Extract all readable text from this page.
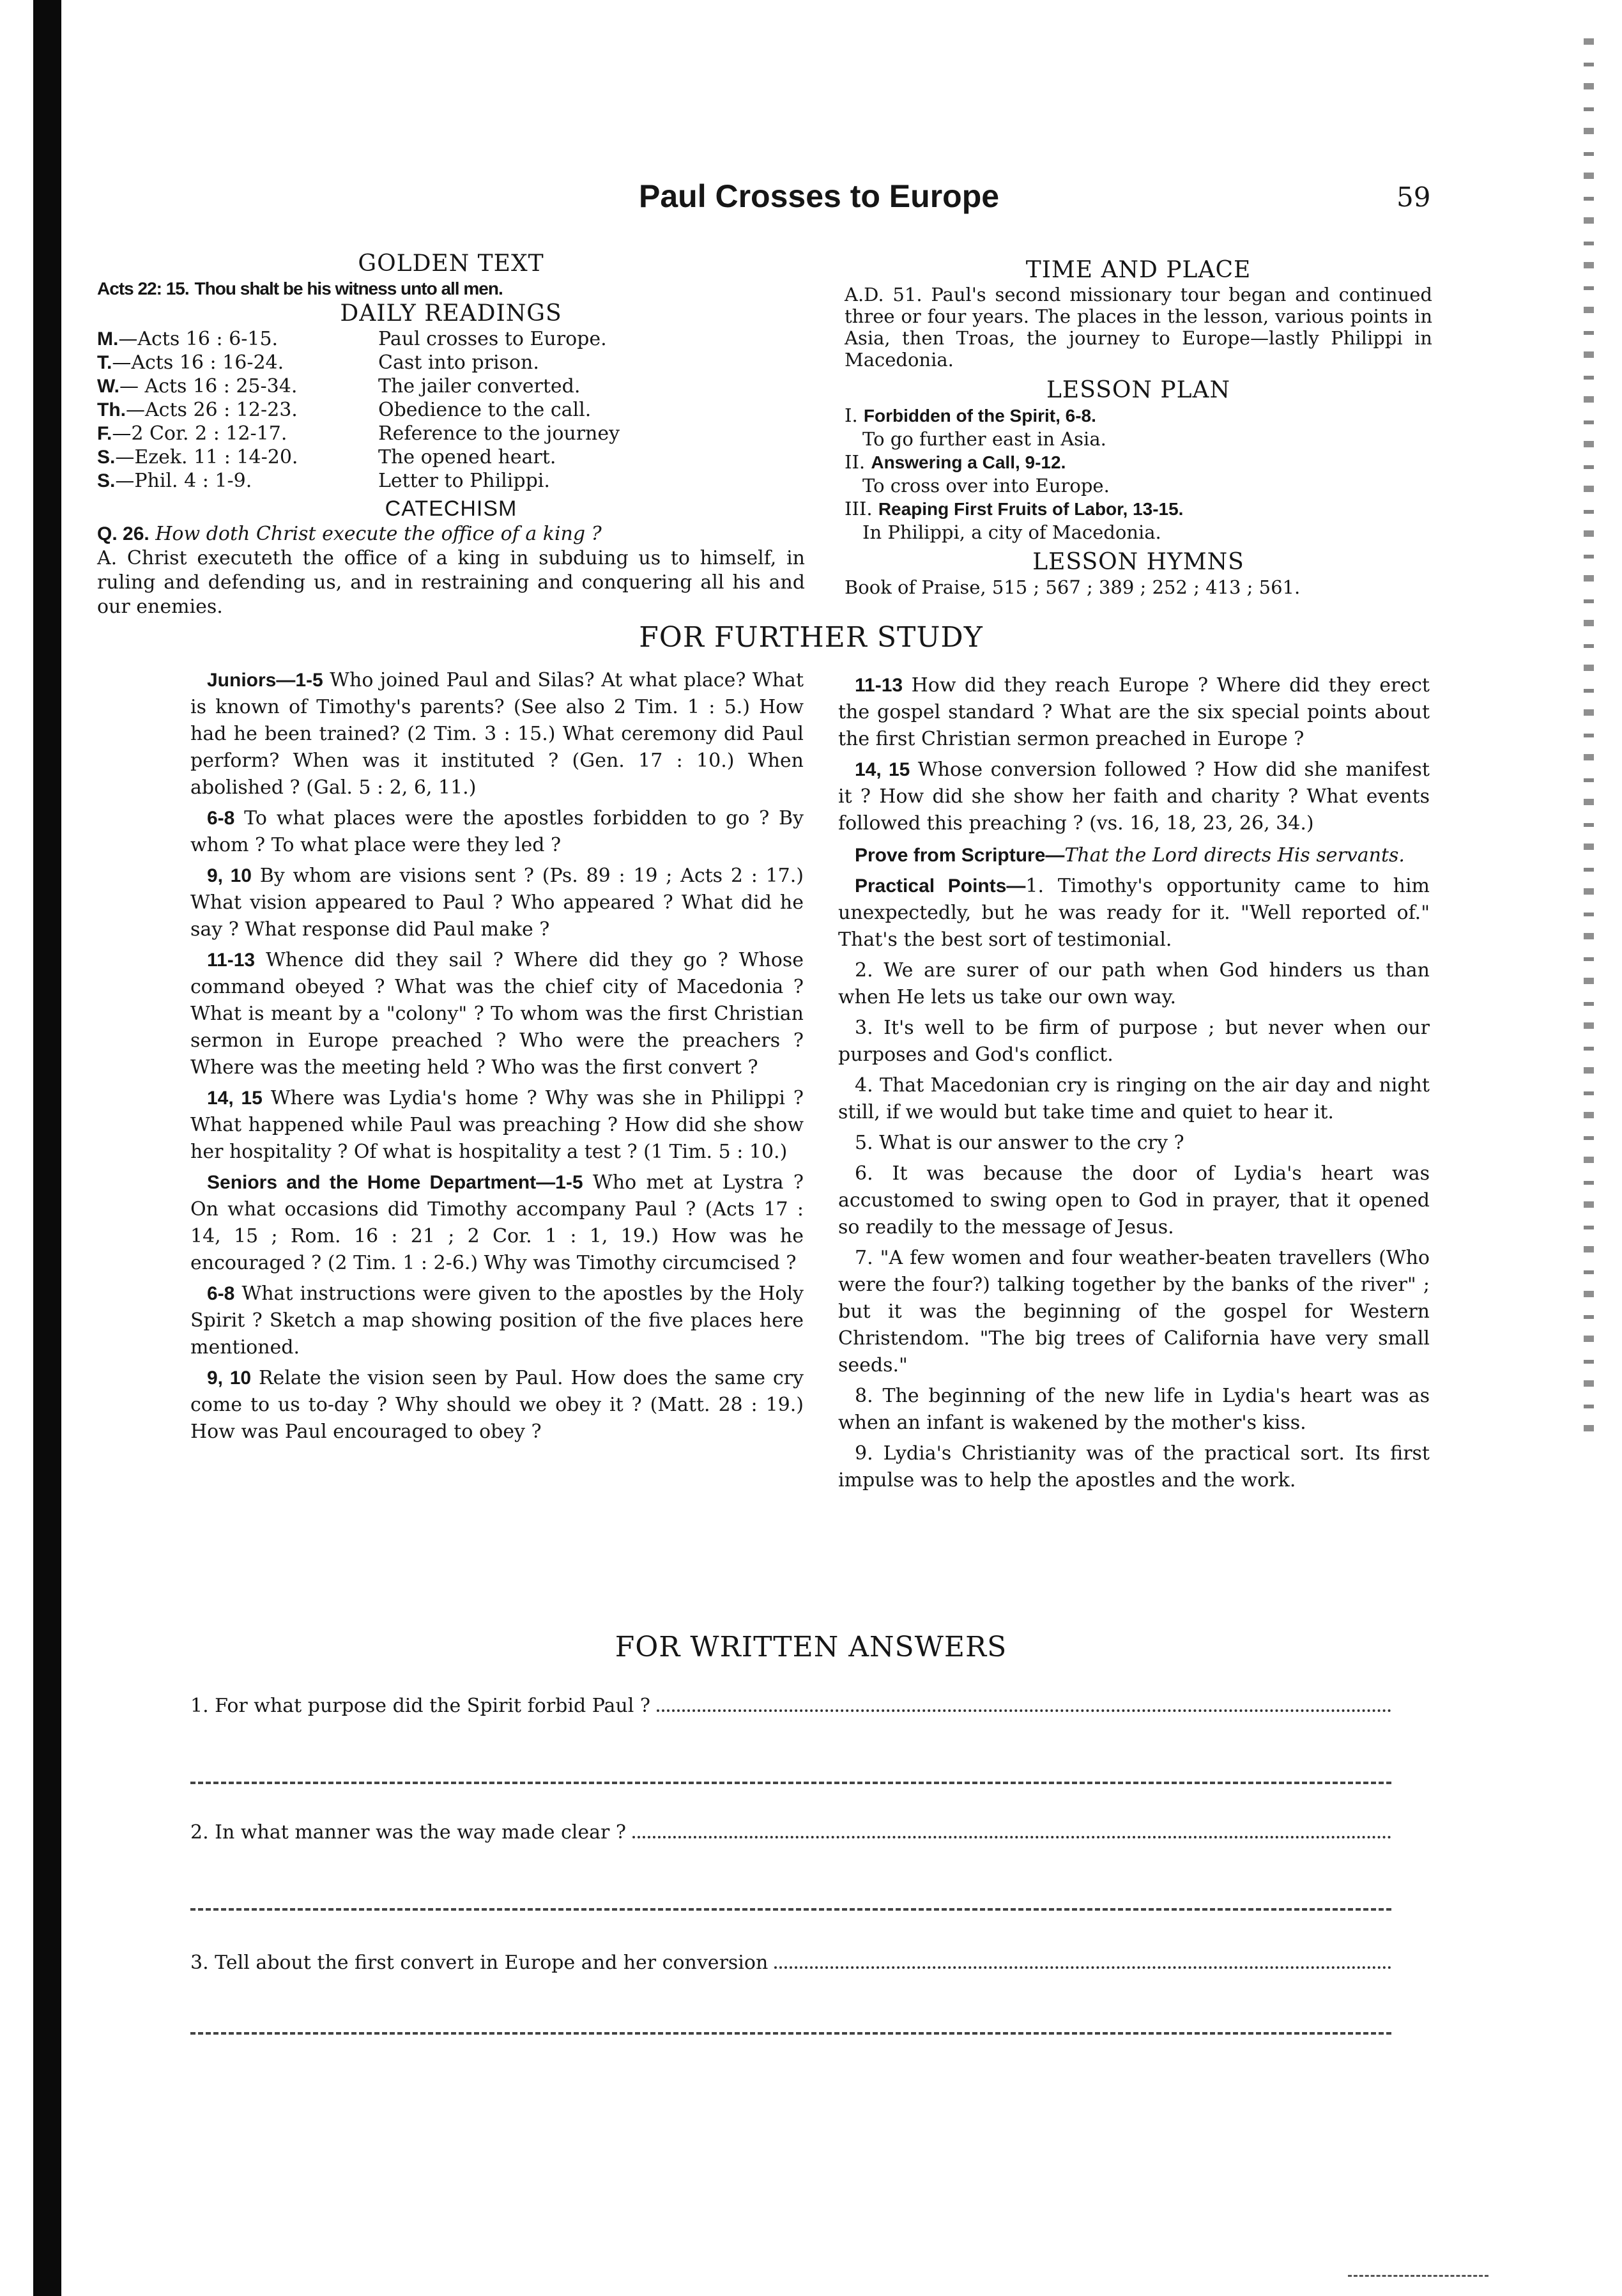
Paul Crosses to Europe	59
GOLDEN TEXT
Acts 22: 15. Thou shalt be his witness unto all men.
DAILY READINGS
M.—Acts 16 : 6-15.	Paul crosses to Europe.
T.—Acts 16 : 16-24.	Cast into prison.
W.— Acts 16 : 25-34.	The jailer converted.
Th.—Acts 26 : 12-23.	Obedience to the call.
F.—2 Cor. 2 : 12-17.	Reference to the journey
S.—Ezek. 11 : 14-20.	The opened heart.
S.—Phil. 4 : 1-9.	Letter to Philippi.
CATECHISM
Q. 26. How doth Christ execute the office of a king ?
A. Christ executeth the office of a king in subduing us to himself, in ruling and defending us, and in restraining and conquering all his and our enemies.
TIME AND PLACE
A.D. 51. Paul's second missionary tour began and continued three or four years. The places in the lesson, various points in Asia, then Troas, the journey to Europe—lastly Philippi in Macedonia.
LESSON PLAN
I. Forbidden of the Spirit, 6-8.
To go further east in Asia.
II. Answering a Call, 9-12.
To cross over into Europe.
III. Reaping First Fruits of Labor, 13-15.
In Philippi, a city of Macedonia.
LESSON HYMNS
Book of Praise, 515 ; 567 ; 389 ; 252 ; 413 ; 561.
FOR FURTHER STUDY

Juniors—1-5 Who joined Paul and Silas? At what place? What is known of Timothy's parents? (See also 2 Tim. 1 : 5.) How had he been trained? (2 Tim. 3 : 15.) What ceremony did Paul perform? When was it instituted ? (Gen. 17 : 10.) When abolished ? (Gal. 5 : 2, 6, 11.)

6-8 To what places were the apostles forbidden to go ? By whom ? To what place were they led ?

9, 10 By whom are visions sent ? (Ps. 89 : 19 ; Acts 2 : 17.) What vision appeared to Paul ? Who appeared ? What did he say ? What response did Paul make ?

11-13 Whence did they sail ? Where did they go ? Whose command obeyed ? What was the chief city of Macedonia ? What is meant by a "colony" ? To whom was the first Christian sermon in Europe preached ? Who were the preachers ? Where was the meeting held ? Who was the first convert ?

14, 15 Where was Lydia's home ? Why was she in Philippi ? What happened while Paul was preaching ? How did she show her hospitality ? Of what is hospitality a test ? (1 Tim. 5 : 10.)

Seniors and the Home Department—1-5 Who met at Lystra ? On what occasions did Timothy accompany Paul ? (Acts 17 : 14, 15 ; Rom. 16 : 21 ; 2 Cor. 1 : 1, 19.) How was he encouraged ? (2 Tim. 1 : 2-6.) Why was Timothy circumcised ?

6-8 What instructions were given to the apostles by the Holy Spirit ? Sketch a map showing position of the five places here mentioned.

9, 10 Relate the vision seen by Paul. How does the same cry come to us to-day ? Why should we obey it ? (Matt. 28 : 19.) How was Paul encouraged to obey ?

11-13 How did they reach Europe ? Where did they erect the gospel standard ? What are the six special points about the first Christian sermon preached in Europe ?

14, 15 Whose conversion followed ? How did she manifest it ? How did she show her faith and charity ? What events followed this preaching ? (vs. 16, 18, 23, 26, 34.)

Prove from Scripture—That the Lord directs His servants.

Practical Points—1. Timothy's opportunity came to him unexpectedly, but he was ready for it. "Well reported of." That's the best sort of testimonial.

2. We are surer of our path when God hinders us than when He lets us take our own way.

3. It's well to be firm of purpose ; but never when our purposes and God's conflict.

4. That Macedonian cry is ringing on the air day and night still, if we would but take time and quiet to hear it.

5. What is our answer to the cry ?

6. It was because the door of Lydia's heart was accustomed to swing open to God in prayer, that it opened so readily to the message of Jesus.

7. "A few women and four weather-beaten travellers (Who were the four?) talking together by the banks of the river" ; but it was the beginning of the gospel for Western Christendom. "The big trees of California have very small seeds."

8. The beginning of the new life in Lydia's heart was as when an infant is wakened by the mother's kiss.

9. Lydia's Christianity was of the practical sort. Its first impulse was to help the apostles and the work.

FOR WRITTEN ANSWERS
1. For what purpose did the Spirit forbid Paul ?
2. In what manner was the way made clear ?
3. Tell about the first convert in Europe and her conversion
